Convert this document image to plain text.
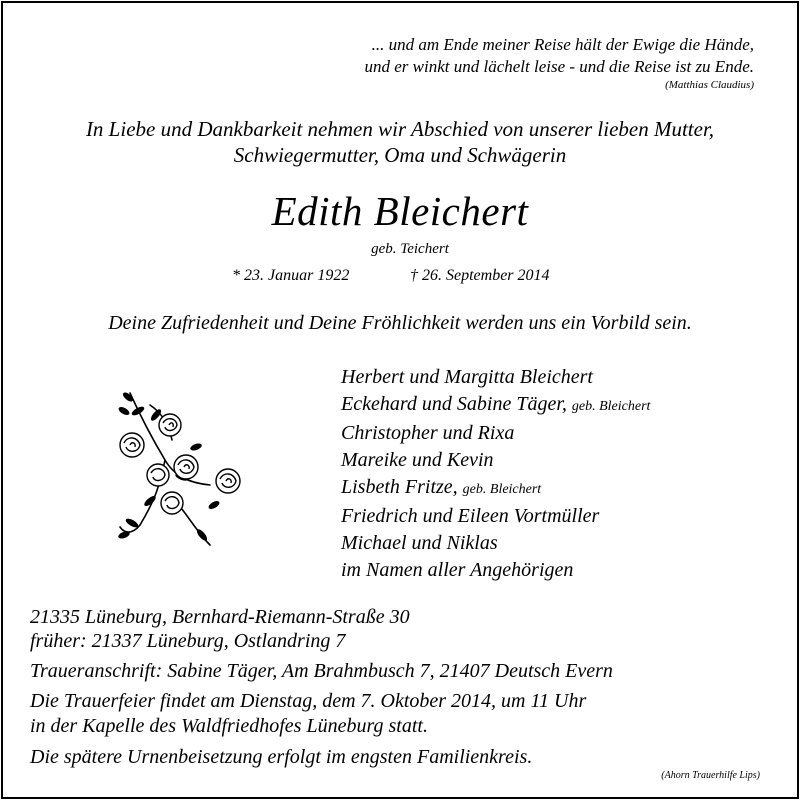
... und am Ende meiner Reise hält der Ewige die Hände,
und er winkt und lächelt leise - und die Reise ist zu Ende.
(Matthias Claudius)
In Liebe und Dankbarkeit nehmen wir Abschied von unserer lieben Mutter,
Schwiegermutter, Oma und Schwägerin
Edith Bleichert
geb. Teichert
* 23. Januar 1922	† 26. September 2014
Deine Zufriedenheit und Deine Fröhlichkeit werden uns ein Vorbild sein.
Herbert und Margitta Bleichert
Eckehard und Sabine Täger, geb. Bleichert
Christopher und Rixa
Mareike und Kevin
Lisbeth Fritze, geb. Bleichert
Friedrich und Eileen Vortmüller
Michael und Niklas
im Namen aller Angehörigen
21335 Lüneburg, Bernhard-Riemann-Straße 30
früher: 21337 Lüneburg, Ostlandring 7
Traueranschrift: Sabine Täger, Am Brahmbusch 7, 21407 Deutsch Evern
Die Trauerfeier findet am Dienstag, dem 7. Oktober 2014, um 11 Uhr
in der Kapelle des Waldfriedhofes Lüneburg statt.
Die spätere Urnenbeisetzung erfolgt im engsten Familienkreis.
(Ahorn Trauerhilfe Lips)
